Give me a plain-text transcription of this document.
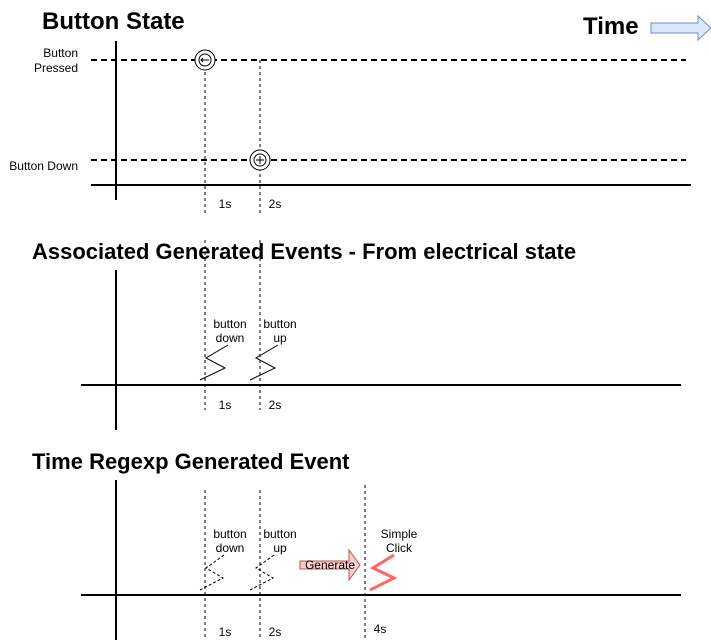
Button State	Time
Button
Pressed
Button Down
1s	2s
Associated Generated Events - From electrical state
button
down
button
up
1s	2s
Time Regexp Generated Event
button
down
button
up
Generate
Simple
Click
1s	2s	4s
